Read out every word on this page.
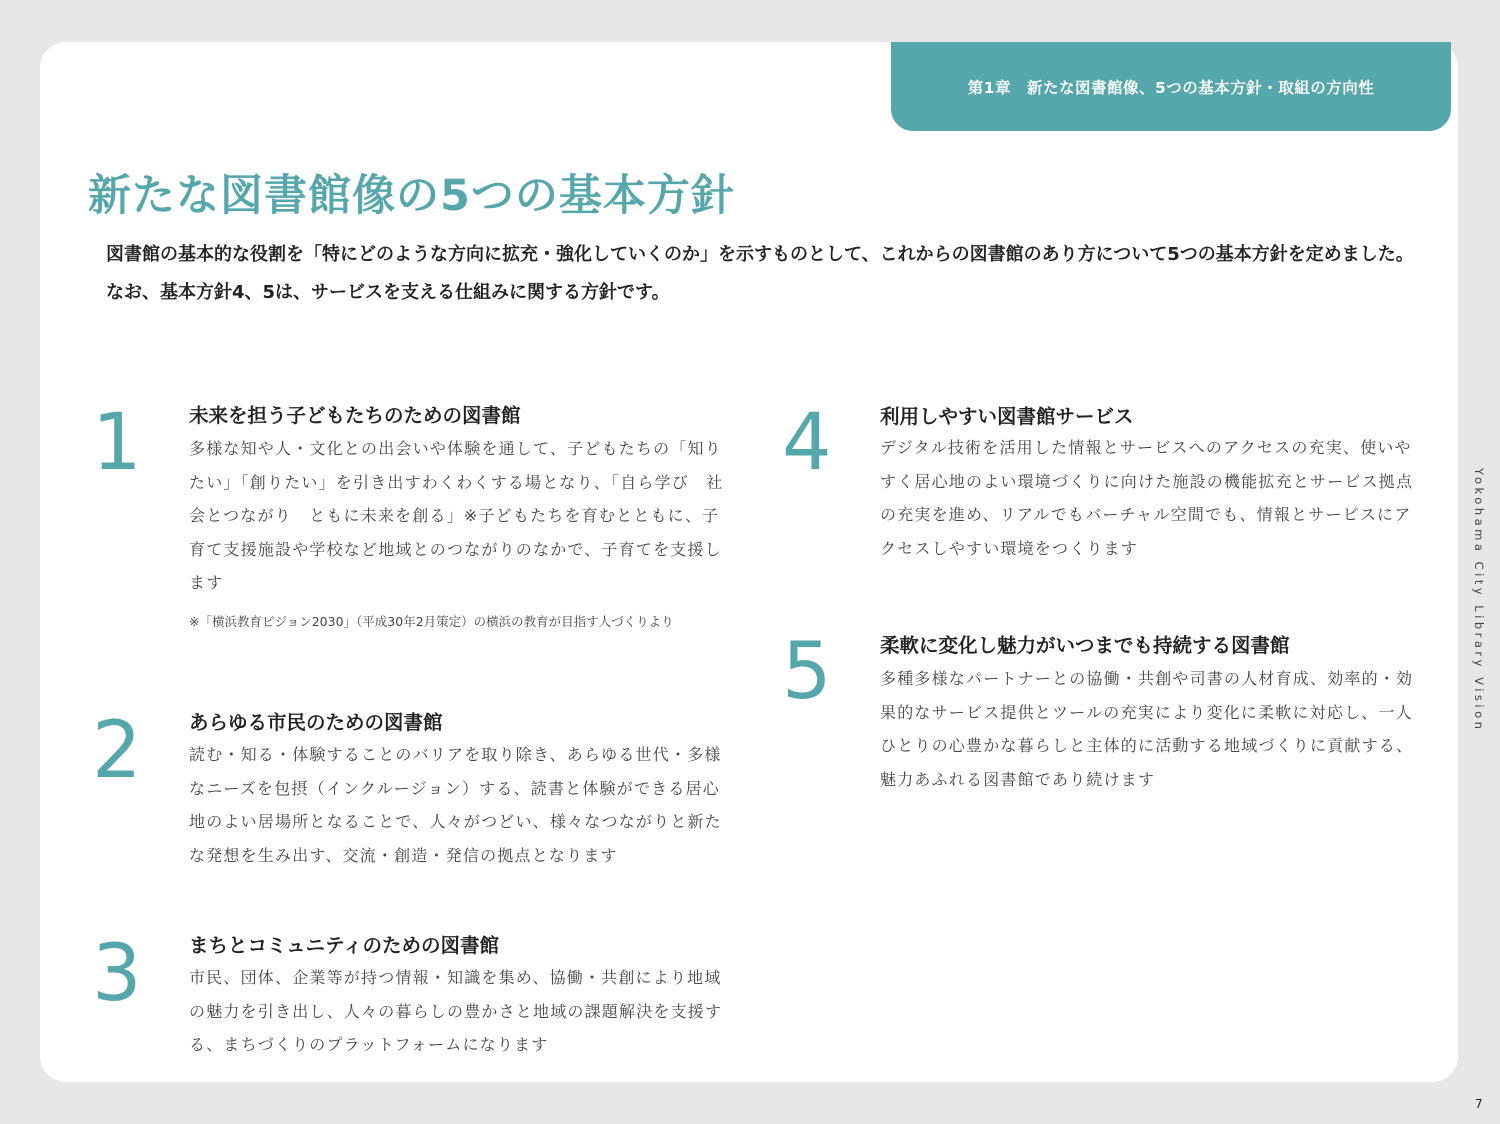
第1章　新たな図書館像、5つの基本方針・取組の方向性
新たな図書館像の5つの基本方針

図書館の基本的な役割を「特にどのような方向に拡充・強化していくのか」を示すものとして、これからの図書館のあり方について5つの基本方針を定めました。

なお、基本方針4、5は、サービスを支える仕組みに関する方針です。

1 未来を担う子どもたちのための図書館

多様な知や人・文化との出会いや体験を通して、子どもたちの「知りたい」「創りたい」を引き出すわくわくする場となり、「自ら学び　社会とつながり　ともに未来を創る」※子どもたちを育むとともに、子育て支援施設や学校など地域とのつながりのなかで、子育てを支援します

※「横浜教育ビジョン2030」（平成30年2月策定）の横浜の教育が目指す人づくりより

2 あらゆる市民のための図書館

読む・知る・体験することのバリアを取り除き、あらゆる世代・多様なニーズを包摂（インクルージョン）する、読書と体験ができる居心地のよい居場所となることで、人々がつどい、様々なつながりと新たな発想を生み出す、交流・創造・発信の拠点となります

3 まちとコミュニティのための図書館

市民、団体、企業等が持つ情報・知識を集め、協働・共創により地域の魅力を引き出し、人々の暮らしの豊かさと地域の課題解決を支援する、まちづくりのプラットフォームになります

4 利用しやすい図書館サービス

デジタル技術を活用した情報とサービスへのアクセスの充実、使いやすく居心地のよい環境づくりに向けた施設の機能拡充とサービス拠点の充実を進め、リアルでもバーチャル空間でも、情報とサービスにアクセスしやすい環境をつくります

5 柔軟に変化し魅力がいつまでも持続する図書館

多種多様なパートナーとの協働・共創や司書の人材育成、効率的・効果的なサービス提供とツールの充実により変化に柔軟に対応し、一人ひとりの心豊かな暮らしと主体的に活動する地域づくりに貢献する、魅力あふれる図書館であり続けます

Yokohama City Library Vision
7
